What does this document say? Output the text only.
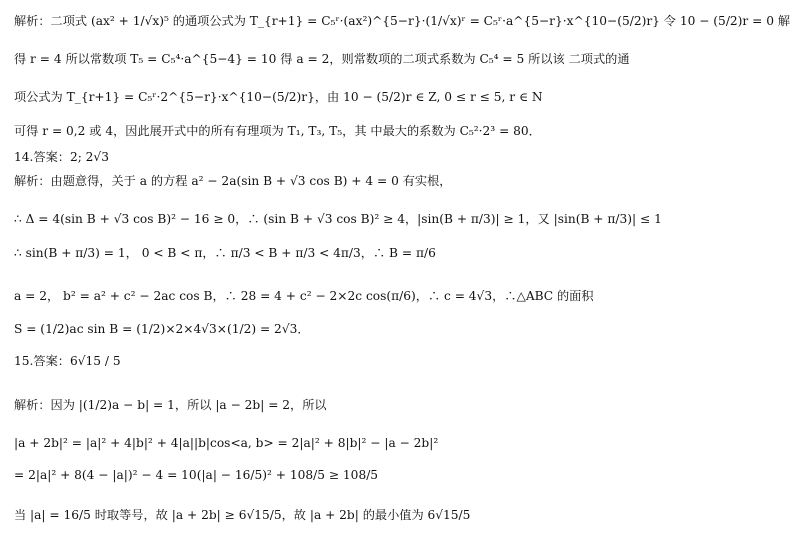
解析：二项式 (ax² + 1/√x)⁵ 的通项公式为 T_{r+1} = C₅ʳ·(ax²)^{5−r}·(1/√x)ʳ = C₅ʳ·a^{5−r}·x^{10−(5/2)r} 令 10 − (5/2)r = 0 解
得 r = 4 所以常数项 T₅ = C₅⁴·a^{5−4} = 10 得 a = 2，则常数项的二项式系数为 C₅⁴ = 5 所以该 二项式的通
项公式为 T_{r+1} = C₅ʳ·2^{5−r}·x^{10−(5/2)r}，由 10 − (5/2)r ∈ Z, 0 ≤ r ≤ 5, r ∈ N
可得 r = 0,2 或 4，因此展开式中的所有有理项为 T₁, T₃, T₅，其 中最大的系数为 C₅²·2³ = 80．
14.答案：2; 2√3
解析：由题意得，关于 a 的方程 a² − 2a(sin B + √3 cos B) + 4 = 0 有实根，
∴ Δ = 4(sin B + √3 cos B)² − 16 ≥ 0，∴ (sin B + √3 cos B)² ≥ 4，|sin(B + π/3)| ≥ 1，又 |sin(B + π/3)| ≤ 1
∴ sin(B + π/3) = 1， 0 < B < π，∴ π/3 < B + π/3 < 4π/3，∴ B = π/6
a = 2， b² = a² + c² − 2ac cos B，∴ 28 = 4 + c² − 2×2c cos(π/6)，∴ c = 4√3，∴△ABC 的面积
S = (1/2)ac sin B = (1/2)×2×4√3×(1/2) = 2√3．
15.答案：6√15 / 5
解析：因为 |(1/2)a − b| = 1，所以 |a − 2b| = 2，所以
|a + 2b|² = |a|² + 4|b|² + 4|a||b|cos<a, b> = 2|a|² + 8|b|² − |a − 2b|²
= 2|a|² + 8(4 − |a|)² − 4 = 10(|a| − 16/5)² + 108/5 ≥ 108/5
当 |a| = 16/5 时取等号，故 |a + 2b| ≥ 6√15/5，故 |a + 2b| 的最小值为 6√15/5
